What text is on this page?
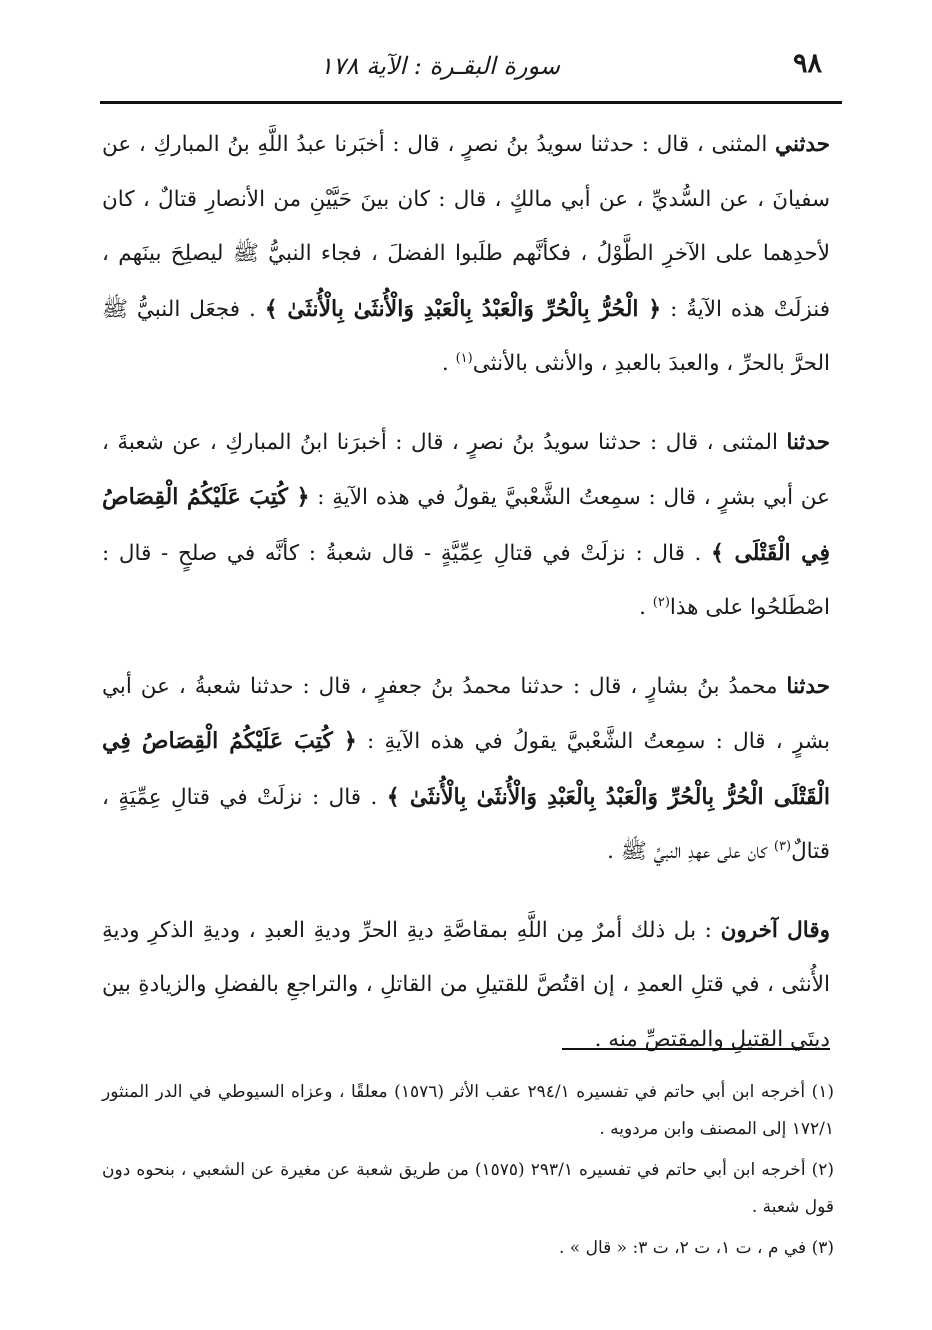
٩٨
سورة البقـرة : الآية ١٧٨

حدثني المثنى ، قال : حدثنا سويدُ بنُ نصرٍ ، قال : أخبَرنا عبدُ اللَّهِ بنُ المباركِ ، عن سفيانَ ، عن السُّديِّ ، عن أبي مالكٍ ، قال : كان بينَ حَيَّيْنِ من الأنصارِ قتالٌ ، كان لأحدِهما على الآخرِ الطَّوْلُ ، فكأنَّهم طلَبوا الفضلَ ، فجاء النبيُّ ﷺ ليصلِحَ بينَهم ، فنزلَتْ هذه الآيةُ : ﴿ الْحُرُّ بِالْحُرِّ وَالْعَبْدُ بِالْعَبْدِ وَالْأُنثَىٰ بِالْأُنثَىٰ ﴾ . فجعَل النبيُّ ﷺ الحرَّ بالحرِّ ، والعبدَ بالعبدِ ، والأنثى بالأنثى$^{(١)}$ .

حدثنا المثنى ، قال : حدثنا سويدُ بنُ نصرٍ ، قال : أخبرَنا ابنُ المباركِ ، عن شعبةَ ، عن أبي بشرٍ ، قال : سمِعتُ الشَّعْبيَّ يقولُ في هذه الآيةِ : ﴿ كُتِبَ عَلَيْكُمُ الْقِصَاصُ فِي الْقَتْلَى ﴾ . قال : نزلَتْ في قتالِ عِمِّيَّةٍ - قال شعبةُ : كأنَّه في صلحٍ - قال : اصْطَلحُوا على هذا$^{(٢)}$ .

حدثنا محمدُ بنُ بشارٍ ، قال : حدثنا محمدُ بنُ جعفرٍ ، قال : حدثنا شعبةُ ، عن أبي بشرٍ ، قال : سمِعتُ الشَّعْبيَّ يقولُ في هذه الآيةِ : ﴿ كُتِبَ عَلَيْكُمُ الْقِصَاصُ فِي الْقَتْلَى الْحُرُّ بِالْحُرِّ وَالْعَبْدُ بِالْعَبْدِ وَالْأُنثَىٰ بِالْأُنثَىٰ ﴾ . قال : نزلَتْ في قتالِ عِمِّيَةٍ ، قتالٌ$^{(٣)}$ كان على عهدِ النبيِّ ﷺ .

وقال آخرون : بل ذلك أمرٌ مِن اللَّهِ بمقاصَّةِ ديةِ الحرِّ وديةِ العبدِ ، وديةِ الذكرِ وديةِ الأُنثى ، في قتلِ العمدِ ، إن اقتُصَّ للقتيلِ من القاتلِ ، والتراجعِ بالفضلِ والزيادةِ بين ديتَي القتيلِ والمقتصِّ منه .

(١) أخرجه ابن أبي حاتم في تفسيره ٢٩٤/١ عقب الأثر (١٥٧٦) معلقًا ، وعزاه السيوطي في الدر المنثور ١٧٢/١ إلى المصنف وابن مردويه .

(٢) أخرجه ابن أبي حاتم في تفسيره ٢٩٣/١ (١٥٧٥) من طريق شعبة عن مغيرة عن الشعبي ، بنحوه دون قول شعبة .

(٣) في م ، ت ١، ت ٢، ت ٣: « قال » .
